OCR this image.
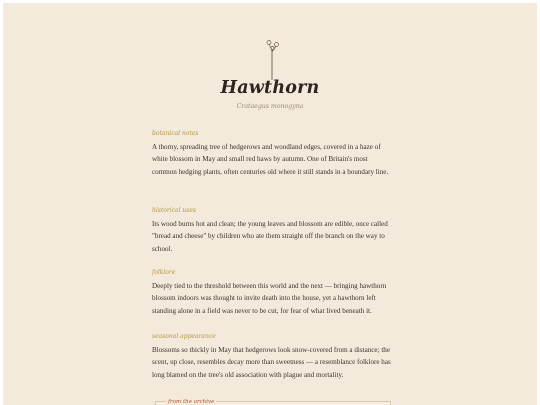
Hawthorn
Crataegus monogyna
botanical notes

A thorny, spreading tree of hedgerows and woodland edges, covered in a haze of white blossom in May and small red haws by autumn. One of Britain's most common hedging plants, often centuries old where it still stands in a boundary line.

historical uses

Its wood burns hot and clean; the young leaves and blossom are edible, once called "bread and cheese" by children who ate them straight off the branch on the way to school.

folklore

Deeply tied to the threshold between this world and the next — bringing hawthorn blossom indoors was thought to invite death into the house, yet a hawthorn left standing alone in a field was never to be cut, for fear of what lived beneath it.

seasonal appearance

Blossoms so thickly in May that hedgerows look snow-covered from a distance; the scent, up close, resembles decay more than sweetness — a resemblance folklore has long blamed on the tree's old association with plague and mortality.

from the archive
